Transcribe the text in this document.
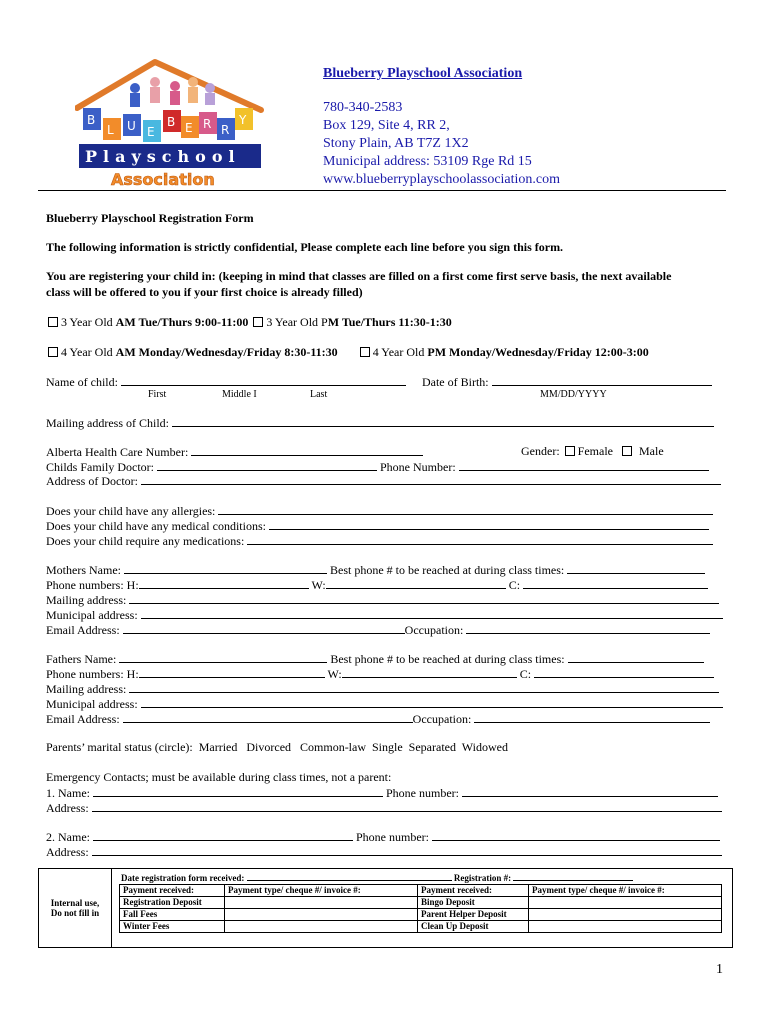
B
L U E
B E R R
Y
Playschool
Association
Blueberry Playschool Association
780-340-2583
Box 129, Site 4, RR 2,
Stony Plain, AB T7Z 1X2
Municipal address: 53109 Rge Rd 15
www.blueberryplayschoolassociation.com
Blueberry Playschool Registration Form
The following information is strictly confidential, Please complete each line before you sign this form.
You are registering your child in: (keeping in mind that classes are filled on a first come first serve basis, the next available
class will be offered to you if your first choice is already filled)
3 Year Old AM Tue/Thurs 9:00-11:00 3 Year Old PM Tue/Thurs 11:30-1:30
4 Year Old AM Monday/Wednesday/Friday 8:30-11:30	4 Year Old PM Monday/Wednesday/Friday 12:00-3:00
Name of child:	Date of Birth:
First	Middle I	Last	MM/DD/YYYY
Mailing address of Child:
Alberta Health Care Number:	Gender: Female Male
Childs Family Doctor:	Phone Number:
Address of Doctor:
Does your child have any allergies:
Does your child have any medical conditions:
Does your child require any medications:
Mothers Name:	Best phone # to be reached at during class times:
Phone numbers: H:	W:	C:
Mailing address:
Municipal address:
Email Address:	Occupation:
Fathers Name:	Best phone # to be reached at during class times:
Phone numbers: H:	W:	C:
Mailing address:
Municipal address:
Email Address:	Occupation:
Parents’ marital status (circle):  Married   Divorced   Common-law  Single  Separated  Widowed
Emergency Contacts; must be available during class times, not a parent:
1. Name:	Phone number:
Address:
2. Name:	Phone number:
Address:
Internal use,
Do not fill in
Date registration form received:	Registration #:
Payment received:	Payment type/ cheque #/ invoice #:	Payment received:	Payment type/ cheque #/ invoice #:
Registration Deposit		Bingo Deposit	
Fall Fees		Parent Helper Deposit	
Winter Fees		Clean Up Deposit	
1
